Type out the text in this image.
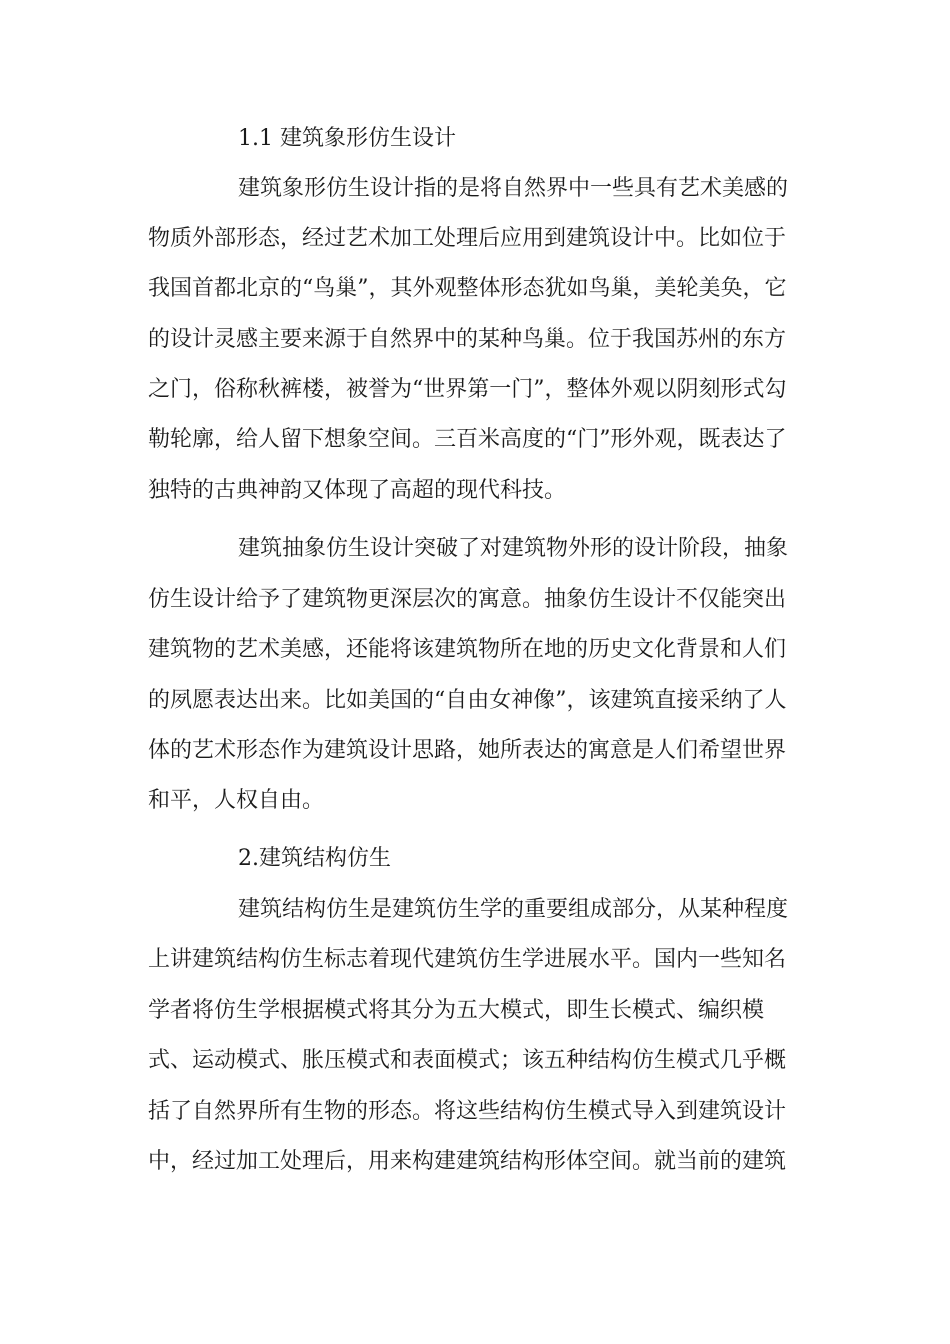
1.1 建筑象形仿生设计
建筑象形仿生设计指的是将自然界中一些具有艺术美感的
物质外部形态，经过艺术加工处理后应用到建筑设计中。比如位于
我国首都北京的“鸟巢”，其外观整体形态犹如鸟巢，美轮美奂，它
的设计灵感主要来源于自然界中的某种鸟巢。位于我国苏州的东方
之门，俗称秋裤楼，被誉为“世界第一门”，整体外观以阴刻形式勾
勒轮廓，给人留下想象空间。三百米高度的“门”形外观，既表达了
独特的古典神韵又体现了高超的现代科技。
建筑抽象仿生设计突破了对建筑物外形的设计阶段，抽象
仿生设计给予了建筑物更深层次的寓意。抽象仿生设计不仅能突出
建筑物的艺术美感，还能将该建筑物所在地的历史文化背景和人们
的夙愿表达出来。比如美国的“自由女神像”，该建筑直接采纳了人
体的艺术形态作为建筑设计思路，她所表达的寓意是人们希望世界
和平，人权自由。
2.建筑结构仿生
建筑结构仿生是建筑仿生学的重要组成部分，从某种程度
上讲建筑结构仿生标志着现代建筑仿生学进展水平。国内一些知名
学者将仿生学根据模式将其分为五大模式，即生长模式、编织模
式、运动模式、胀压模式和表面模式；该五种结构仿生模式几乎概
括了自然界所有生物的形态。将这些结构仿生模式导入到建筑设计
中，经过加工处理后，用来构建建筑结构形体空间。就当前的建筑
